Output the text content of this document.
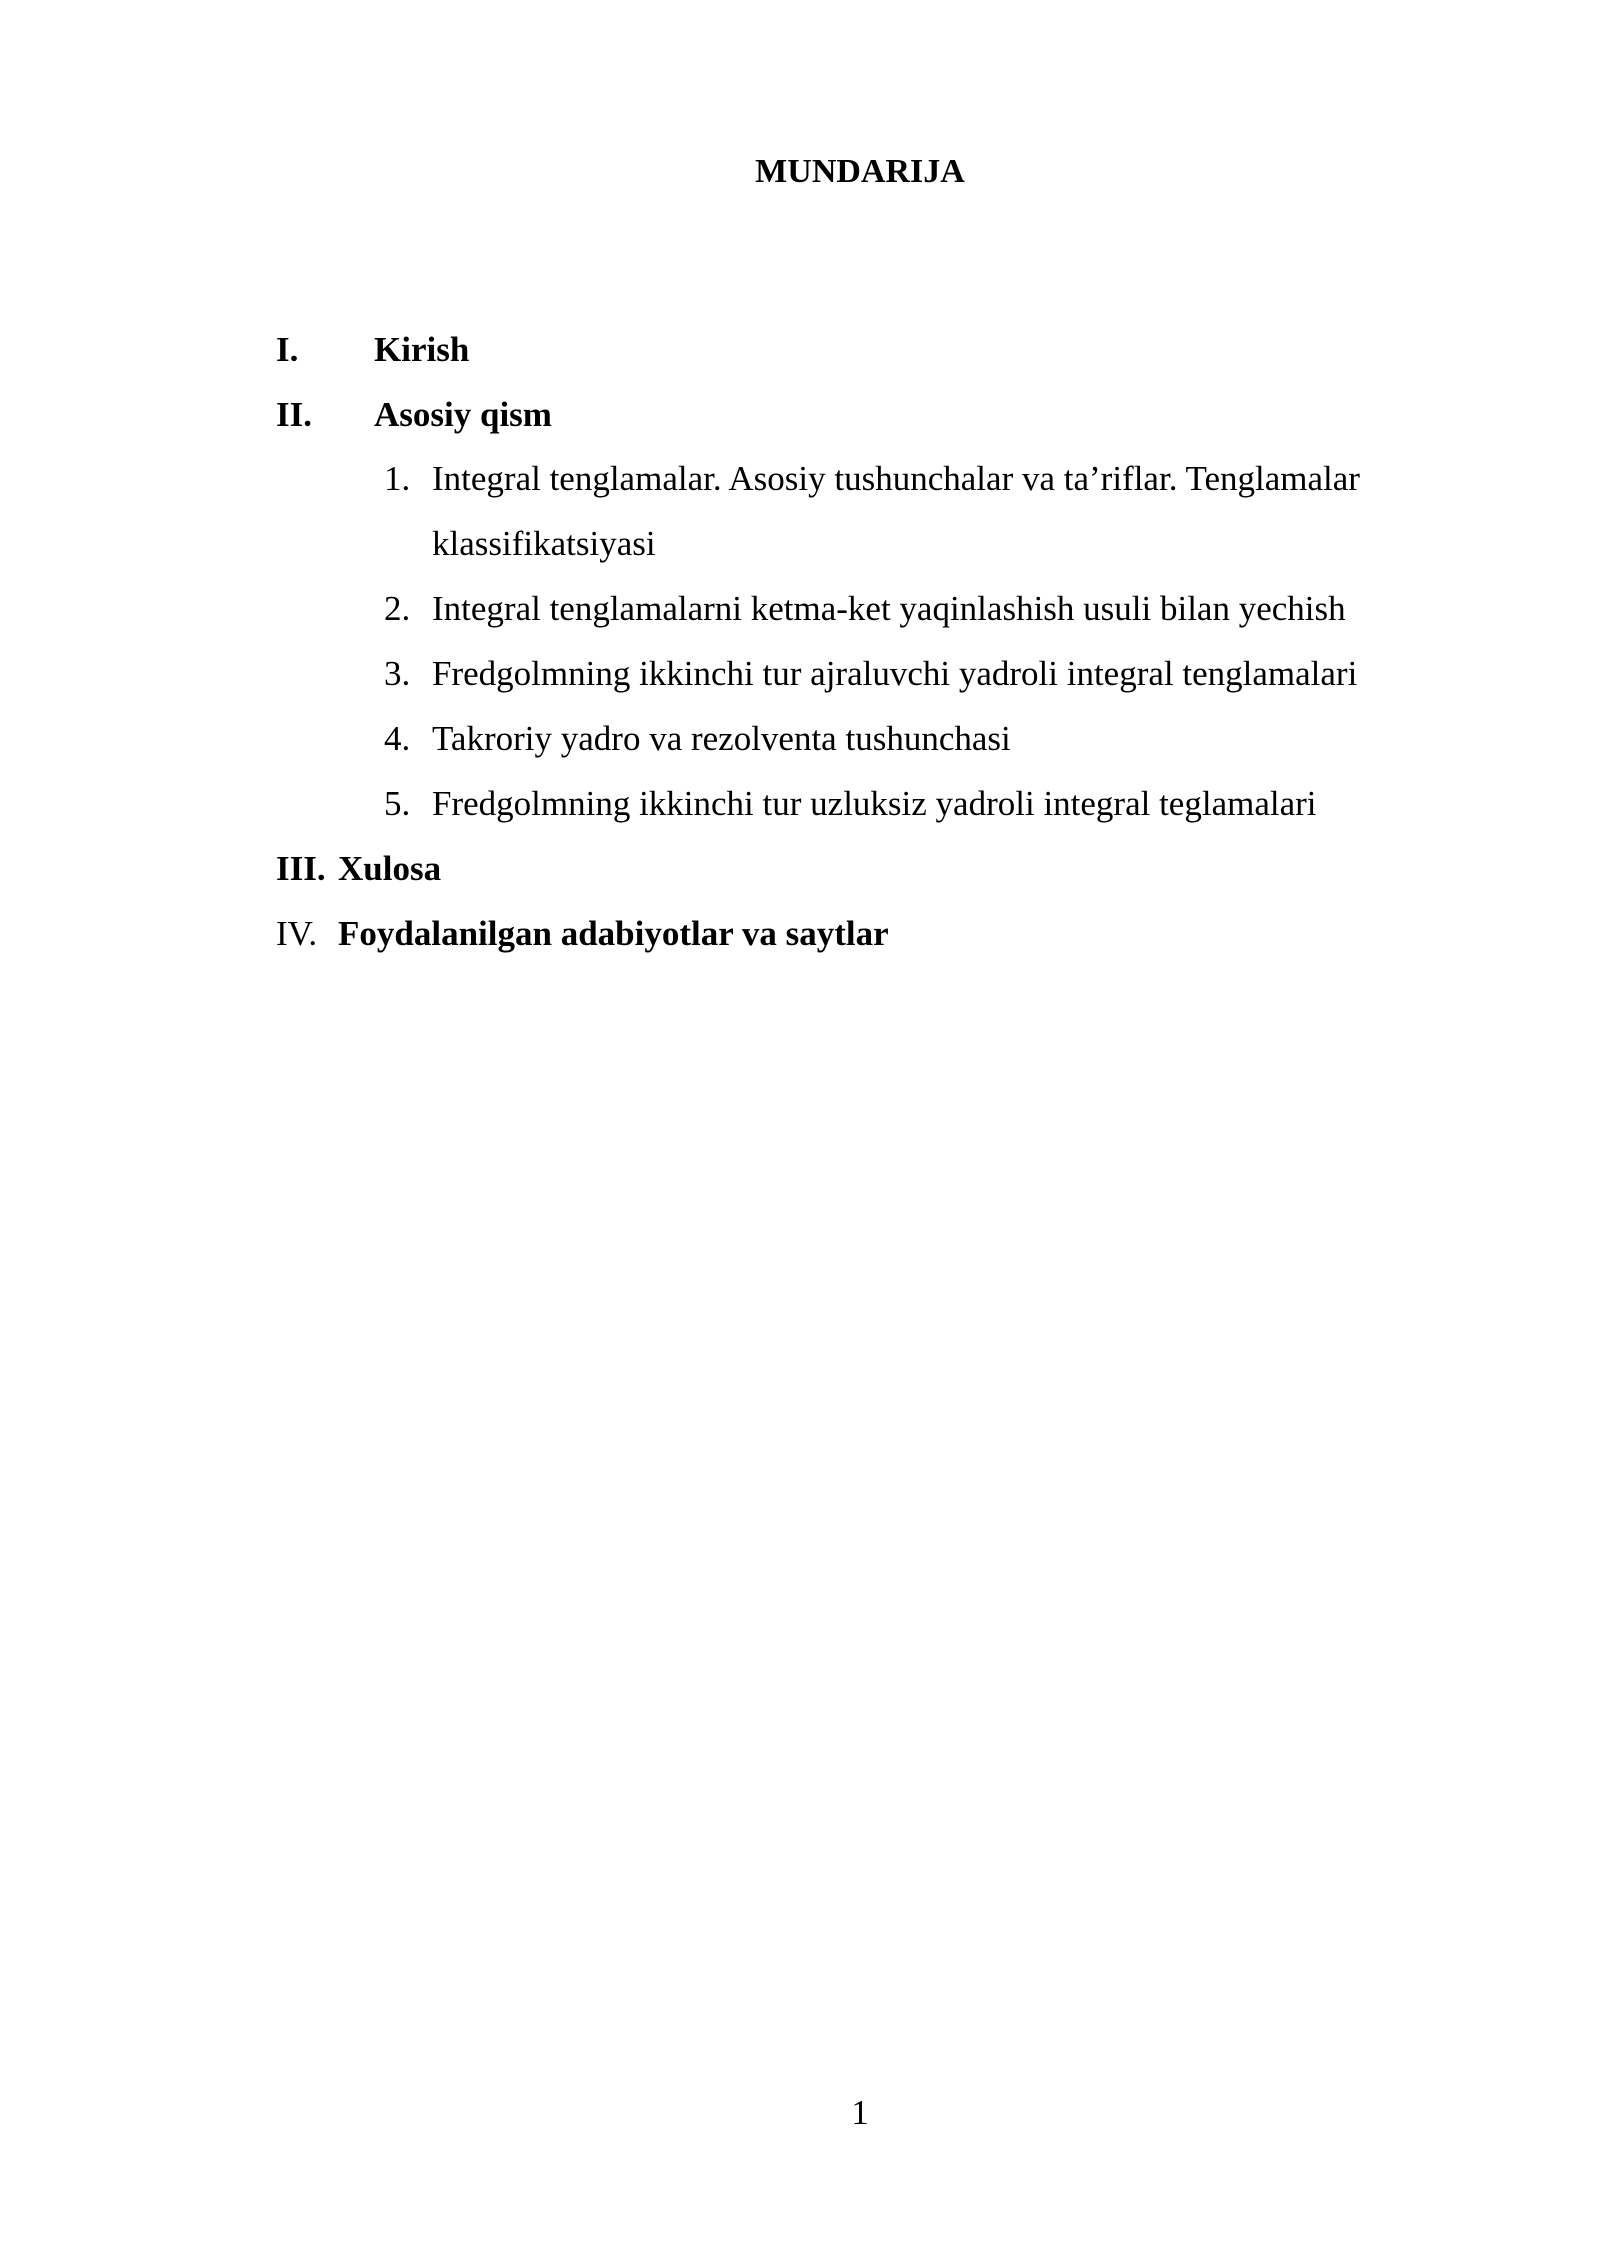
MUNDARIJA
I. Kirish
II. Asosiy qism
1. Integral tenglamalar. Asosiy tushunchalar va ta’riflar. Tenglamalar
klassifikatsiyasi
2. Integral tenglamalarni ketma-ket yaqinlashish usuli bilan yechish
3. Fredgolmning ikkinchi tur ajraluvchi yadroli integral tenglamalari
4. Takroriy yadro va rezolventa tushunchasi
5. Fredgolmning ikkinchi tur uzluksiz yadroli integral teglamalari
III. Xulosa
IV. Foydalanilgan adabiyotlar va saytlar
1
